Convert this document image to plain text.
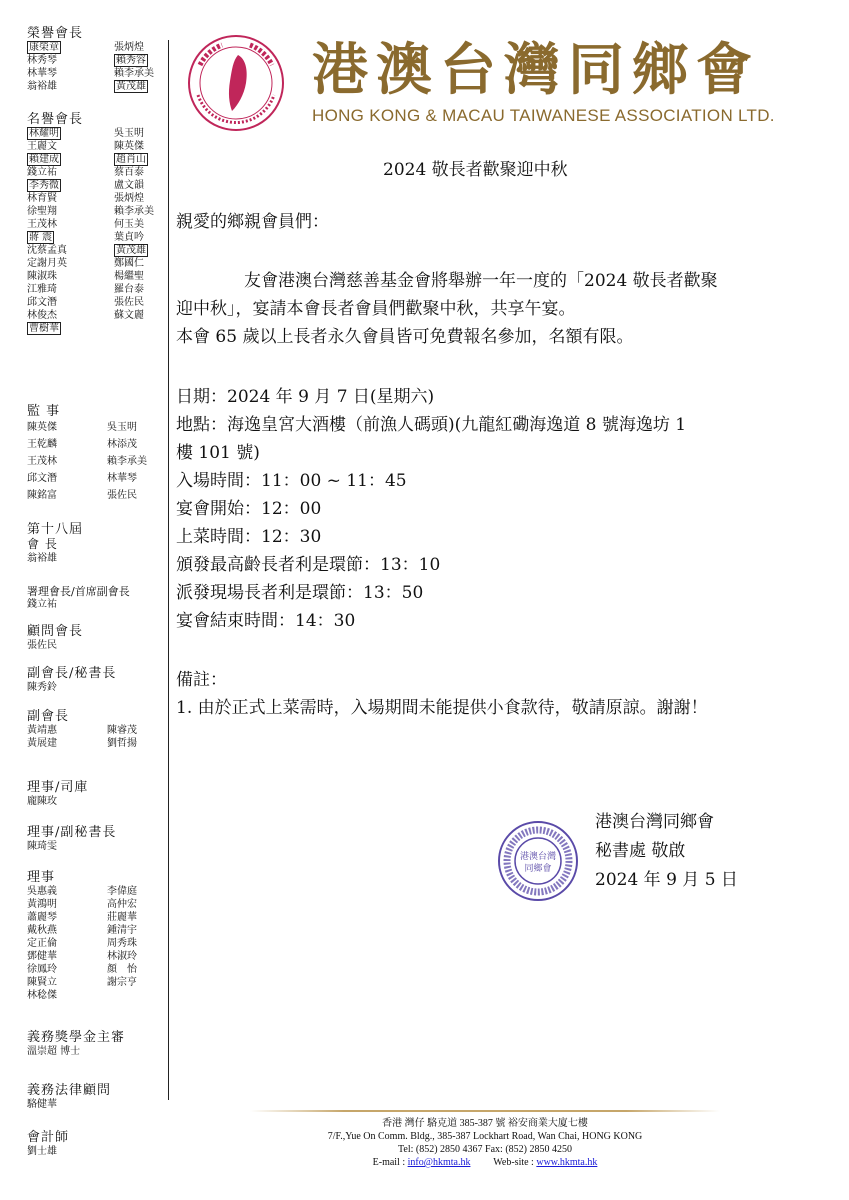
榮譽會長
康榮章	張炳煌
林秀琴	賴秀容
林華琴	賴李承美
翁裕雄	黃茂雄
名譽會長
林耀明	吳玉明
王麗文	陳英傑
賴建成	趙肖山
錢立祐	蔡百泰
李秀微	盧文韻
林育賢	張炳煌
徐聖翔	賴李承美
王茂林	何玉美
蔣 震	葉貞吟
沈蔡孟真	黃茂雄
定謝月英	鄭國仁
陳淑珠	楊繼聖
江雅琦	羅台泰
邱文潛	張佐民
林俊杰	蘇文麗
曹樹華
監 事
陳英傑	吳玉明
王乾麟	林添茂
王茂林	賴李承美
邱文潛	林華琴
陳銘富	張佐民
第十八屆
會 長
翁裕雄
署理會長/首席副會長
錢立祐
顧問會長
張佐民
副會長/秘書長
陳秀鈴
副會長
黃靖惠	陳睿茂
黃展建	劉哲揚
理事/司庫
龐陳玫
理事/副秘書長
陳琦雯
理事
吳惠義	李偉庭
黃鴻明	高仲宏
蕭麗琴	莊麗華
戴秋燕	鍾清宇
定正倫	周秀珠
鄧健華	林淑玲
徐鳳玲	顏　怡
陳賢立	謝宗亨
林稔傑
義務獎學金主審
溫崇超 博士
義務法律顧問
駱健華
會計師
劉士雄
港澳台灣同鄉會
HONG KONG & MACAU TAIWANESE ASSOCIATION LTD.
2024 敬長者歡聚迎中秋
親愛的鄉親會員們：
友會港澳台灣慈善基金會將舉辦一年一度的「2024 敬長者歡聚
迎中秋」，宴請本會長者會員們歡聚中秋，共享午宴。
本會 65 歲以上長者永久會員皆可免費報名參加，名額有限。
日期：2024 年 9 月 7 日(星期六)
地點：海逸皇宮大酒樓（前漁人碼頭)(九龍紅磡海逸道 8 號海逸坊 1
樓 101 號)
入場時間：11：00 ~ 11：45
宴會開始：12：00
上菜時間：12：30
頒發最高齡長者利是環節：13：10
派發現場長者利是環節：13：50
宴會結束時間：14：30
備註：
1. 由於正式上菜需時，入場期間未能提供小食款待，敬請原諒。謝謝！
港澳台灣
同鄉會
港澳台灣同鄉會
秘書處 敬啟
2024 年 9 月 5 日
香港 灣仔 駱克道 385-387 號 裕安商業大廈七樓
7/F.,Yue On Comm. Bldg., 385-387 Lockhart Road, Wan Chai, HONG KONG
Tel: (852) 2850 4367 Fax: (852) 2850 4250
E-mail : info@hkmta.hk Web-site : www.hkmta.hk
